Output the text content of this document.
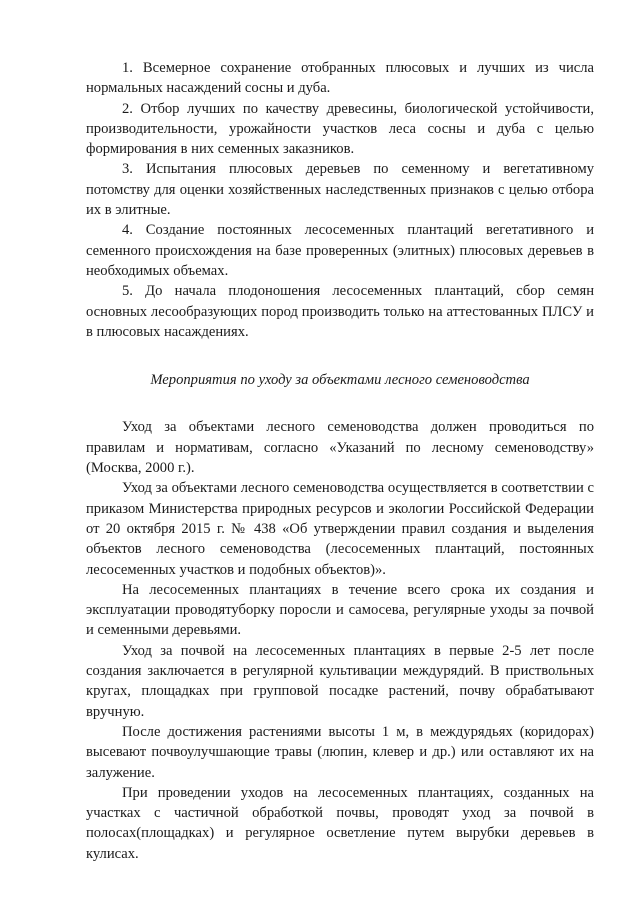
1. Всемерное сохранение отобранных плюсовых и лучших из числа нормальных насаждений сосны и дуба.

2. Отбор лучших по качеству древесины, биологической устойчивости, производительности, урожайности участков леса сосны и дуба с целью формирования в них семенных заказников.

3. Испытания плюсовых деревьев по семенному и вегетативному потомству для оценки хозяйственных наследственных признаков с целью отбора их в элитные.

4. Создание постоянных лесосеменных плантаций вегетативного и семенного происхождения на базе проверенных (элитных) плюсовых деревьев в необходимых объемах.

5. До начала плодоношения лесосеменных плантаций, сбор семян основных лесообразующих пород производить только на аттестованных ПЛСУ и в плюсовых насаждениях.

Мероприятия по уходу за объектами лесного семеноводства

Уход за объектами лесного семеноводства должен проводиться по правилам и нормативам, согласно «Указаний по лесному семеноводству» (Москва, 2000 г.).

Уход за объектами лесного семеноводства осуществляется в соответствии с приказом Министерства природных ресурсов и экологии Российской Федерации от 20 октября 2015 г. № 438 «Об утверждении правил создания и выделения объектов лесного семеноводства (лесосеменных плантаций, постоянных лесосеменных участков и подобных объектов)».

На лесосеменных плантациях в течение всего срока их создания и эксплуатации проводятуборку поросли и самосева, регулярные уходы за почвой и семенными деревьями.

Уход за почвой на лесосеменных плантациях в первые 2-5 лет после создания заключается в регулярной культивации междурядий. В приствольных кругах, площадках при групповой посадке растений, почву обрабатывают вручную.

После достижения растениями высоты 1 м, в междурядьях (коридорах) высевают почвоулучшающие травы (люпин, клевер и др.) или оставляют их на залужение.

При проведении уходов на лесосеменных плантациях, созданных на участках с частичной обработкой почвы, проводят уход за почвой в полосах(площадках) и регулярное осветление путем вырубки деревьев в кулисах.
